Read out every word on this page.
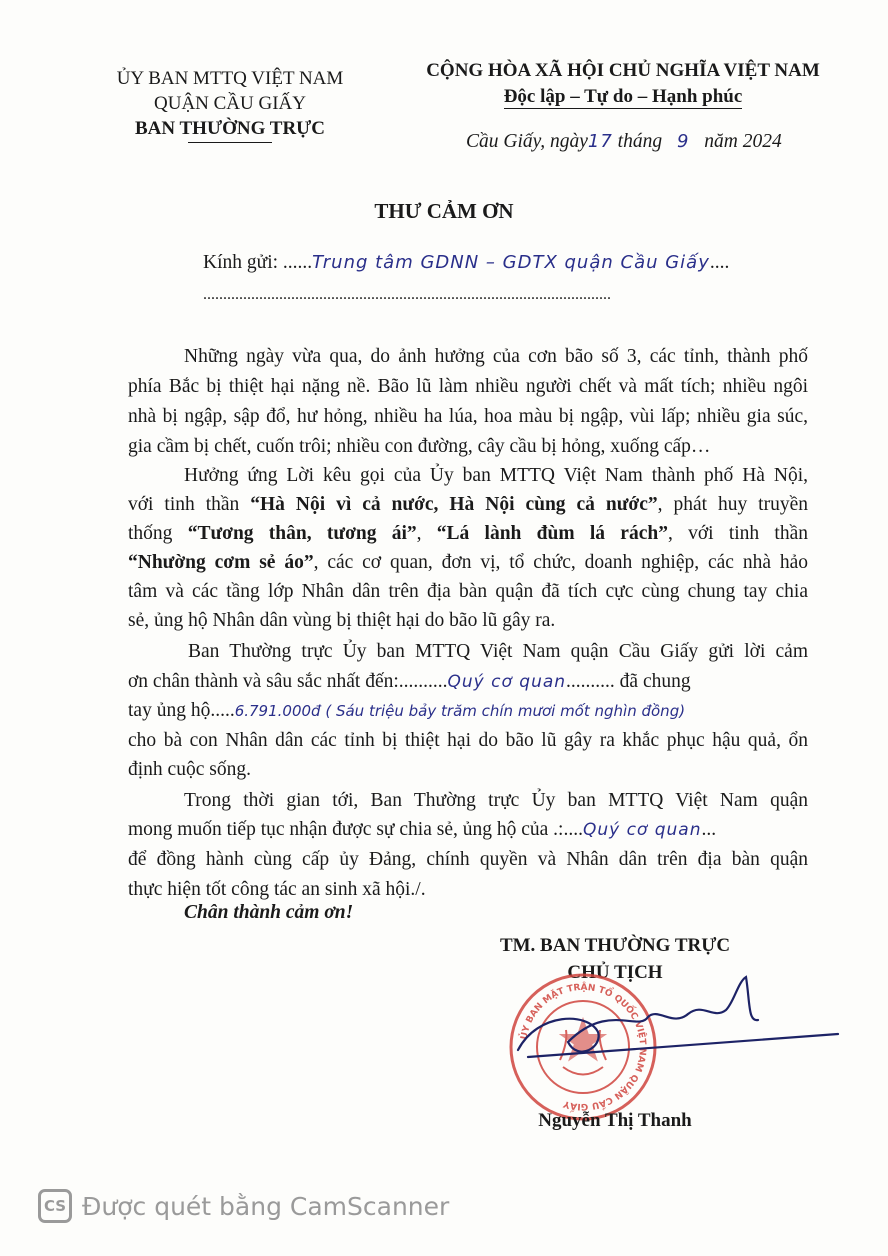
ỦY BAN MTTQ VIỆT NAM
QUẬN CẦU GIẤY
BAN THƯỜNG TRỰC
CỘNG HÒA XÃ HỘI CHỦ NGHĨA VIỆT NAM
Độc lập – Tự do – Hạnh phúc
Cầu Giấy, ngày17 tháng 9 năm 2024
THƯ CẢM ƠN
Kính gửi: ......Trung tâm GDNN – GDTX quận Cầu Giấy....
......................................................................................................

Những ngày vừa qua, do ảnh hưởng của cơn bão số 3, các tỉnh, thành phố

phía Bắc bị thiệt hại nặng nề. Bão lũ làm nhiều người chết và mất tích; nhiều ngôi

nhà bị ngập, sập đổ, hư hỏng, nhiều ha lúa, hoa màu bị ngập, vùi lấp; nhiều gia súc,

gia cầm bị chết, cuốn trôi; nhiều con đường, cây cầu bị hỏng, xuống cấp…

Hưởng ứng Lời kêu gọi của Ủy ban MTTQ Việt Nam thành phố Hà Nội,

với tinh thần “Hà Nội vì cả nước, Hà Nội cùng cả nước”, phát huy truyền

thống “Tương thân, tương ái”, “Lá lành đùm lá rách”, với tinh thần

“Nhường cơm sẻ áo”, các cơ quan, đơn vị, tổ chức, doanh nghiệp, các nhà hảo

tâm và các tầng lớp Nhân dân trên địa bàn quận đã tích cực cùng chung tay chia

sẻ, ủng hộ Nhân dân vùng bị thiệt hại do bão lũ gây ra.

Ban Thường trực Ủy ban MTTQ Việt Nam quận Cầu Giấy gửi lời cảm

ơn chân thành và sâu sắc nhất đến:..........Quý cơ quan.......... đã chung

tay ủng hộ.....6.791.000đ ( Sáu triệu bảy trăm chín mươi mốt nghìn đồng)

cho bà con Nhân dân các tỉnh bị thiệt hại do bão lũ gây ra khắc phục hậu quả, ổn

định cuộc sống.

Trong thời gian tới, Ban Thường trực Ủy ban MTTQ Việt Nam quận

mong muốn tiếp tục nhận được sự chia sẻ, ủng hộ của .:....Quý cơ quan...

để đồng hành cùng cấp ủy Đảng, chính quyền và Nhân dân trên địa bàn quận

thực hiện tốt công tác an sinh xã hội./.

Chân thành cảm ơn!
TM. BAN THƯỜNG TRỰC
CHỦ TỊCH
ỦY BAN MẶT TRẬN TỔ QUỐC VIỆT NAM QUẬN CẦU GIẤY
Nguyễn Thị Thanh
CS Được quét bằng CamScanner
